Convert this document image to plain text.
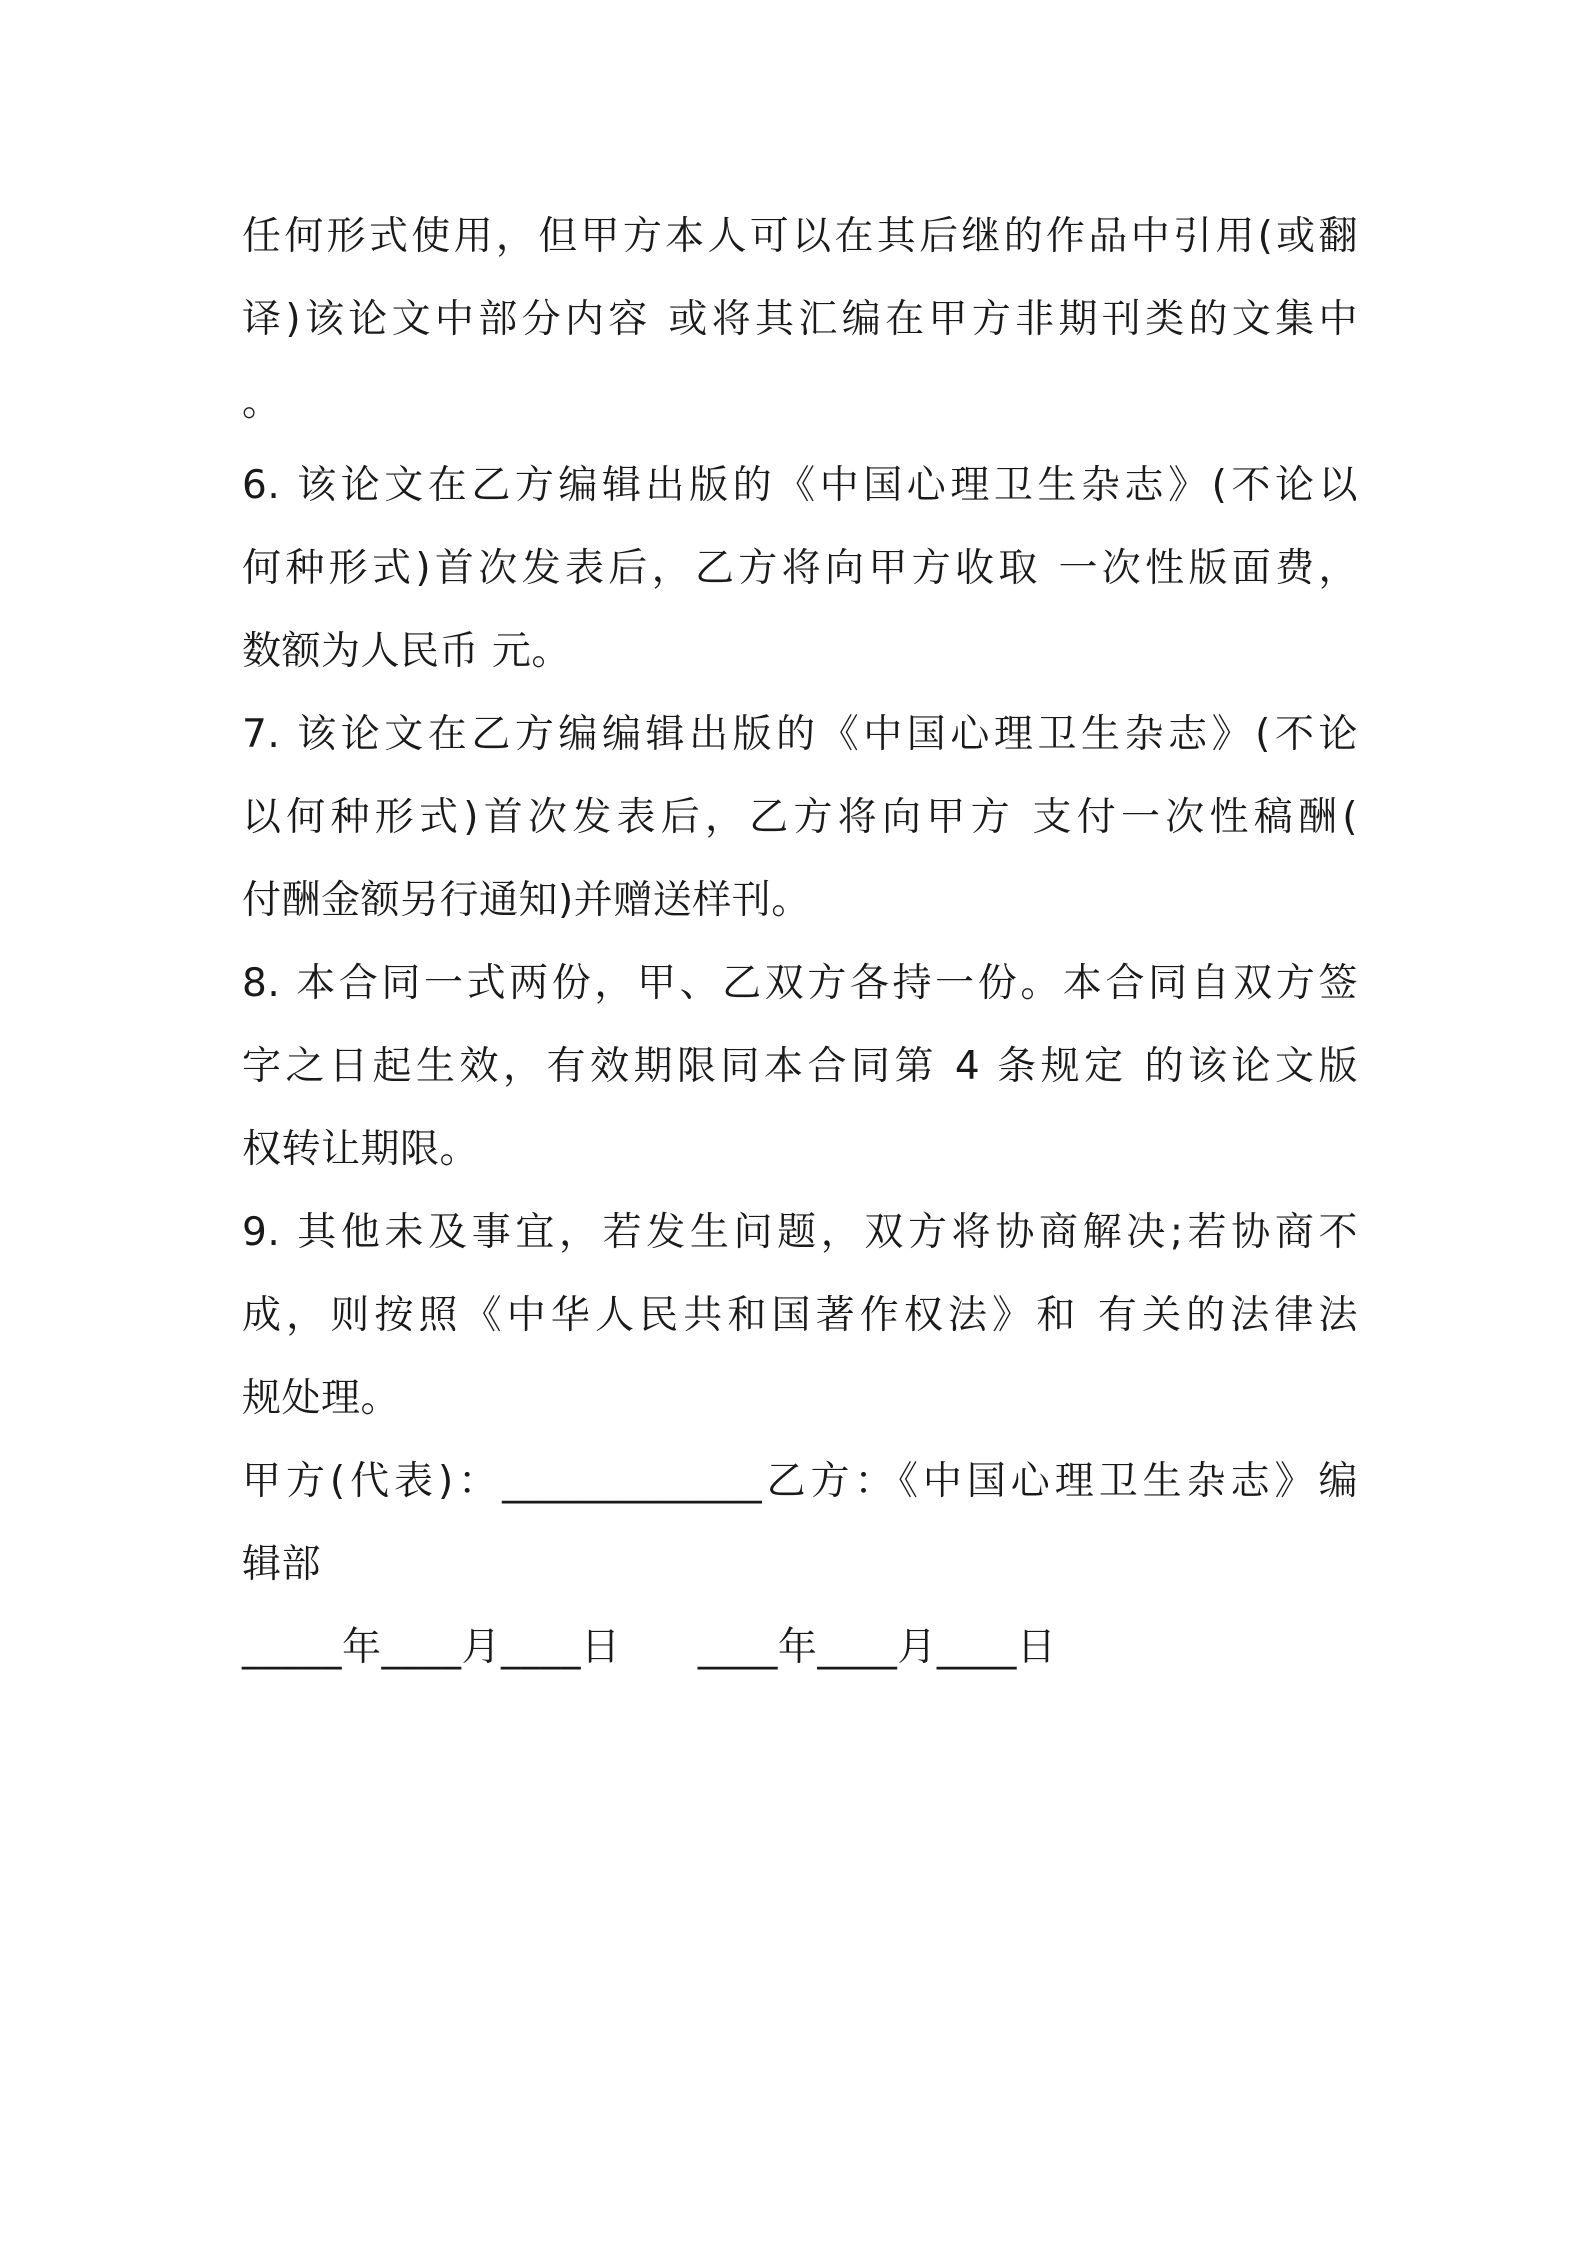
任何形式使用，但甲方本人可以在其后继的作品中引用(或翻
译)该论文中部分内容 或将其汇编在甲方非期刊类的文集中
。
6. 该论文在乙方编辑出版的《中国心理卫生杂志》(不论以
何种形式)首次发表后，乙方将向甲方收取 一次性版面费，
数额为人民币 元。
7. 该论文在乙方编编辑出版的《中国心理卫生杂志》(不论
以何种形式)首次发表后，乙方将向甲方 支付一次性稿酬(
付酬金额另行通知)并赠送样刊。
8. 本合同一式两份，甲、乙双方各持一份。本合同自双方签
字之日起生效，有效期限同本合同第 4 条规定 的该论文版
权转让期限。
9. 其他未及事宜，若发生问题，双方将协商解决;若协商不
成，则按照《中华人民共和国著作权法》和 有关的法律法
规处理。
甲方(代表)：_____________乙方：《中国心理卫生杂志》编
辑部
_____年____月____日      ____年____月____日
